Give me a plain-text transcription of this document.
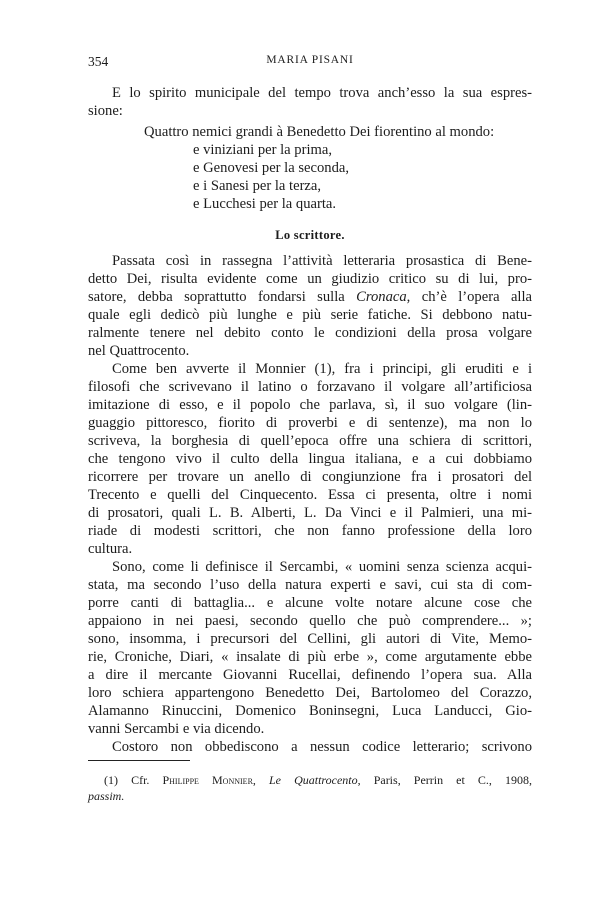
354	MARIA PISANI
E lo spirito municipale del tempo trova anch’esso la sua espres-
sione:
Quattro nemici grandi à Benedetto Dei fiorentino al mondo:
e viniziani per la prima,
e Genovesi per la seconda,
e i Sanesi per la terza,
e Lucchesi per la quarta.
Lo scrittore.
Passata così in rassegna l’attività letteraria prosastica di Bene-
detto Dei, risulta evidente come un giudizio critico su di lui, pro-
satore, debba soprattutto fondarsi sulla Cronaca, ch’è l’opera alla
quale egli dedicò più lunghe e più serie fatiche. Si debbono natu-
ralmente tenere nel debito conto le condizioni della prosa volgare
nel Quattrocento.
Come ben avverte il Monnier (1), fra i principi, gli eruditi e i
filosofi che scrivevano il latino o forzavano il volgare all’artificiosa
imitazione di esso, e il popolo che parlava, sì, il suo volgare (lin-
guaggio pittoresco, fiorito di proverbi e di sentenze), ma non lo
scriveva, la borghesia di quell’epoca offre una schiera di scrittori,
che tengono vivo il culto della lingua italiana, e a cui dobbiamo
ricorrere per trovare un anello di congiunzione fra i prosatori del
Trecento e quelli del Cinquecento. Essa ci presenta, oltre i nomi
di prosatori, quali L. B. Alberti, L. Da Vinci e il Palmieri, una mi-
riade di modesti scrittori, che non fanno professione della loro
cultura.
Sono, come li definisce il Sercambi, « uomini senza scienza acqui-
stata, ma secondo l’uso della natura experti e savi, cui sta di com-
porre canti di battaglia... e alcune volte notare alcune cose che
appaiono in nei paesi, secondo quello che può comprendere... »;
sono, insomma, i precursori del Cellini, gli autori di Vite, Memo-
rie, Croniche, Diari, « insalate di più erbe », come argutamente ebbe
a dire il mercante Giovanni Rucellai, definendo l’opera sua. Alla
loro schiera appartengono Benedetto Dei, Bartolomeo del Corazzo,
Alamanno Rinuccini, Domenico Boninsegni, Luca Landucci, Gio-
vanni Sercambi e via dicendo.
Costoro non obbediscono a nessun codice letterario; scrivono
(1) Cfr. Philippe Monnier, Le Quattrocento, Paris, Perrin et C., 1908,
passim.
